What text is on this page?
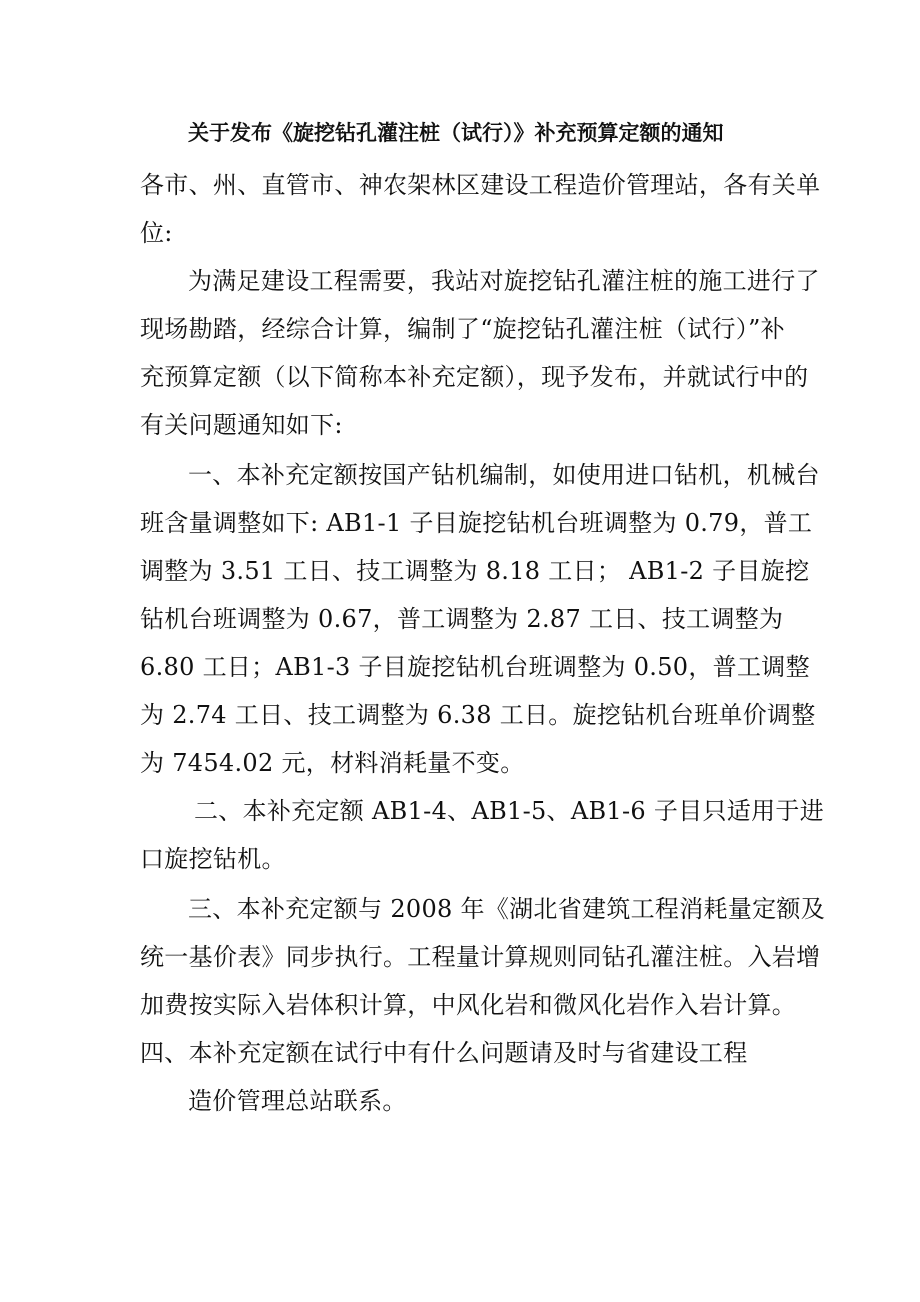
关于发布《旋挖钻孔灌注桩（试行）》补充预算定额的通知
各市、州、直管市、神农架林区建设工程造价管理站，各有关单
位:
为满足建设工程需要，我站对旋挖钻孔灌注桩的施工进行了
现场勘踏，经综合计算，编制了“旋挖钻孔灌注桩（试行）”补
充预算定额（以下简称本补充定额），现予发布，并就试行中的
有关问题通知如下:
一、本补充定额按国产钻机编制，如使用进口钻机，机械台
班含量调整如下: AB1-1 子目旋挖钻机台班调整为 0.79，普工
调整为 3.51 工日、技工调整为 8.18 工日； AB1-2 子目旋挖
钻机台班调整为 0.67，普工调整为 2.87 工日、技工调整为
6.80 工日；AB1-3 子目旋挖钻机台班调整为 0.50，普工调整
为 2.74 工日、技工调整为 6.38 工日。旋挖钻机台班单价调整
为 7454.02 元，材料消耗量不变。
二、本补充定额 AB1-4、AB1-5、AB1-6 子目只适用于进
口旋挖钻机。
三、本补充定额与 2008 年《湖北省建筑工程消耗量定额及
统一基价表》同步执行。工程量计算规则同钻孔灌注桩。入岩增
加费按实际入岩体积计算，中风化岩和微风化岩作入岩计算。
四、本补充定额在试行中有什么问题请及时与省建设工程
造价管理总站联系。
